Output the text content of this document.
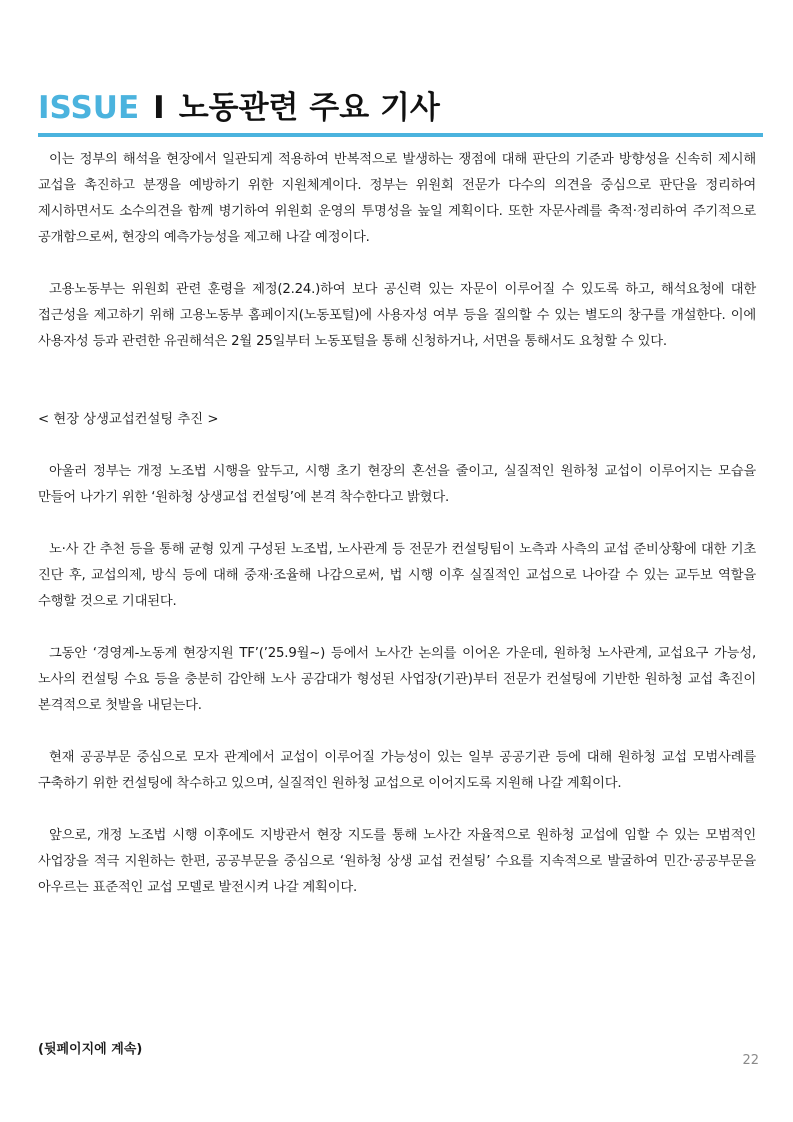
ISSUE I 노동관련 주요 기사

이는 정부의 해석을 현장에서 일관되게 적용하여 반복적으로 발생하는 쟁점에 대해 판단의 기준과 방향성을 신속히 제시해 교섭을 촉진하고 분쟁을 예방하기 위한 지원체계이다. 정부는 위원회 전문가 다수의 의견을 중심으로 판단을 정리하여 제시하면서도 소수의견을 함께 병기하여 위원회 운영의 투명성을 높일 계획이다. 또한 자문사례를 축적·정리하여 주기적으로 공개함으로써, 현장의 예측가능성을 제고해 나갈 예정이다.

고용노동부는 위원회 관련 훈령을 제정(2.24.)하여 보다 공신력 있는 자문이 이루어질 수 있도록 하고, 해석요청에 대한 접근성을 제고하기 위해 고용노동부 홈페이지(노동포털)에 사용자성 여부 등을 질의할 수 있는 별도의 창구를 개설한다. 이에 사용자성 등과 관련한 유권해석은 2월 25일부터 노동포털을 통해 신청하거나, 서면을 통해서도 요청할 수 있다.

< 현장 상생교섭컨설팅 추진 >

아울러 정부는 개정 노조법 시행을 앞두고, 시행 초기 현장의 혼선을 줄이고, 실질적인 원하청 교섭이 이루어지는 모습을 만들어 나가기 위한 ‘원하청 상생교섭 컨설팅’에 본격 착수한다고 밝혔다.

노·사 간 추천 등을 통해 균형 있게 구성된 노조법, 노사관계 등 전문가 컨설팅팀이 노측과 사측의 교섭 준비상황에 대한 기초 진단 후, 교섭의제, 방식 등에 대해 중재·조율해 나감으로써, 법 시행 이후 실질적인 교섭으로 나아갈 수 있는 교두보 역할을 수행할 것으로 기대된다.

그동안 ‘경영계-노동계 현장지원 TF’(’25.9월~) 등에서 노사간 논의를 이어온 가운데, 원하청 노사관계, 교섭요구 가능성, 노사의 컨설팅 수요 등을 충분히 감안해 노사 공감대가 형성된 사업장(기관)부터 전문가 컨설팅에 기반한 원하청 교섭 촉진이 본격적으로 첫발을 내딛는다.

현재 공공부문 중심으로 모자 관계에서 교섭이 이루어질 가능성이 있는 일부 공공기관 등에 대해 원하청 교섭 모범사례를 구축하기 위한 컨설팅에 착수하고 있으며, 실질적인 원하청 교섭으로 이어지도록 지원해 나갈 계획이다.

앞으로, 개정 노조법 시행 이후에도 지방관서 현장 지도를 통해 노사간 자율적으로 원하청 교섭에 임할 수 있는 모범적인 사업장을 적극 지원하는 한편, 공공부문을 중심으로 ‘원하청 상생 교섭 컨설팅’ 수요를 지속적으로 발굴하여 민간·공공부문을 아우르는 표준적인 교섭 모델로 발전시켜 나갈 계획이다.

(뒷페이지에 계속)

22
